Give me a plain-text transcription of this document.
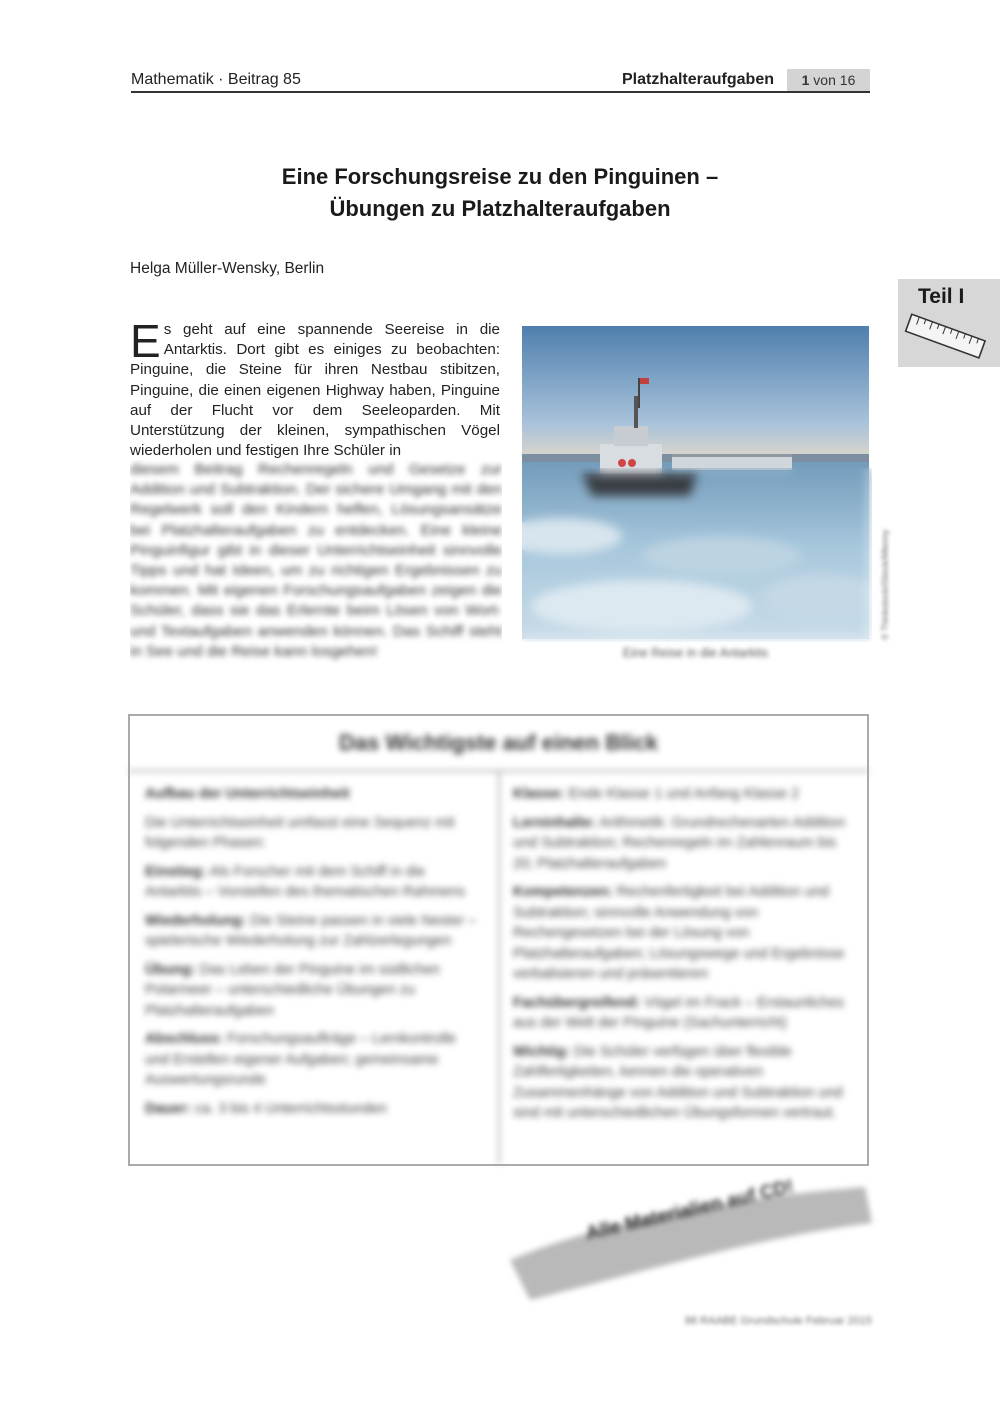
Mathematik · Beitrag 85	Platzhalteraufgaben	1 von 16
Eine Forschungsreise zu den Pinguinen –
Übungen zu Platzhalteraufgaben
Helga Müller-Wensky, Berlin
Teil I
Es geht auf eine spannende Seereise in die Antarktis. Dort gibt es einiges zu beobachten: Pinguine, die Steine für ihren Nestbau stibitzen, Pinguine, die einen eigenen Highway haben, Pinguine auf der Flucht vor dem Seeleoparden. Mit Unterstützung der kleinen, sympathischen Vögel wiederholen und festigen Ihre Schüler in
diesem Beitrag Rechenregeln und Gesetze zur Addition und Subtraktion. Der sichere Umgang mit den Regelwerk soll den Kindern helfen, Lösungsansätze bei Platzhalteraufgaben zu entdecken. Eine kleine Pinguinfigur gibt in dieser Unterrichtseinheit sinnvolle Tipps und hat Ideen, um zu richtigen Ergebnissen zu kommen. Mit eigenen Forschungsaufgaben zeigen die Schüler, dass sie das Erlernte beim Lösen von Wort- und Textaufgaben anwenden können. Das Schiff steht in See und die Reise kann losgehen!
© Thinkstock/iStock/Mlenny
Eine Reise in die Antarktis
Das Wichtigste auf einen Blick

Aufbau der Unterrichtseinheit

Die Unterrichtseinheit umfasst eine Sequenz mit folgenden Phasen:

Einstieg: Als Forscher mit dem Schiff in die Antarktis – Vorstellen des thematischen Rahmens

Wiederholung: Die Steine passen in viele Nester – spielerische Wiederholung zur Zahlzerlegungen

Übung: Das Leben der Pinguine im südlichen Polarmeer – unterschiedliche Übungen zu Platzhalteraufgaben

Abschluss: Forschungsaufträge – Lernkontrolle und Erstellen eigener Aufgaben; gemeinsame Auswertungsrunde

Dauer: ca. 3 bis 4 Unterrichtsstunden

Klasse: Ende Klasse 1 und Anfang Klasse 2

Lerninhalte: Arithmetik: Grundrechenarten Addition und Subtraktion; Rechenregeln im Zahlenraum bis 20; Platzhalteraufgaben

Kompetenzen: Rechenfertigkeit bei Addition und Subtraktion; sinnvolle Anwendung von Rechengesetzen bei der Lösung von Platzhalteraufgaben; Lösungswege und Ergebnisse verbalisieren und präsentieren

Fachübergreifend: Vögel im Frack – Erstaunliches aus der Welt der Pinguine (Sachunterricht)

Wichtig: Die Schüler verfügen über flexible Zahlfertigkeiten, kennen die operativen Zusammenhänge von Addition und Subtraktion und sind mit unterschiedlichen Übungsformen vertraut.

Alle Materialien auf CD!
88 RAABE Grundschule Februar 2015
